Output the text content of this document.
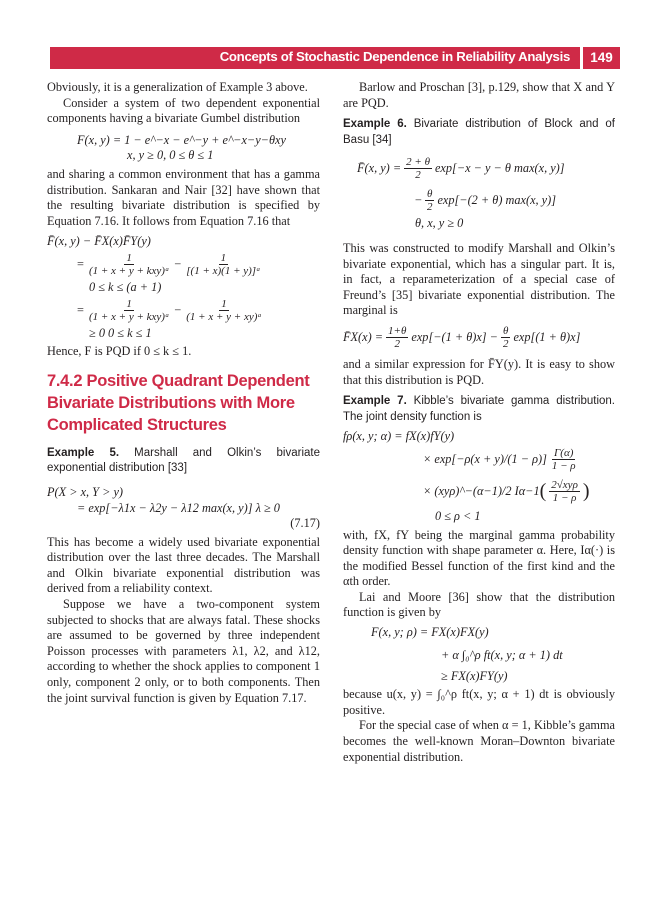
Concepts of Stochastic Dependence in Reliability Analysis	149

Obviously, it is a generalization of Example 3 above.

Consider a system of two dependent exponential components having a bivariate Gumbel distribution

F(x, y) = 1 − e^−x − e^−y + e^−x−y−θxy
x, y ≥ 0, 0 ≤ θ ≤ 1

and sharing a common environment that has a gamma distribution. Sankaran and Nair [32] have shown that the resulting bivariate distribution is specified by Equation 7.16. It follows from Equation 7.16 that

F̄(x, y) − F̄X(x)F̄Y(y)
= $\frac{1}{\text{(1 + x + y + kxy)ᵃ}} - \frac{1}{\text{[(1 + x)(1 + y)]ᵃ}}$
0 ≤ k ≤ (a + 1)
= $\frac{1}{\text{(1 + x + y + kxy)ᵃ}} - \frac{1}{\text{(1 + x + y + xy)ᵃ}}$
≥ 0 0 ≤ k ≤ 1

Hence, F is PQD if 0 ≤ k ≤ 1.

7.4.2 Positive Quadrant Dependent Bivariate Distributions with More Complicated Structures

Example 5. Marshall and Olkin’s bivariate exponential distribution [33]

P(X > x, Y > y)
= exp[−λ1x − λ2y − λ12 max(x, y)] λ ≥ 0
(7.17)

This has become a widely used bivariate exponential distribution over the last three decades. The Marshall and Olkin bivariate exponential distribution was derived from a reliability context.

Suppose we have a two-component system subjected to shocks that are always fatal. These shocks are assumed to be governed by three independent Poisson processes with parameters λ1, λ2, and λ12, according to whether the shock applies to component 1 only, component 2 only, or to both components. Then the joint survival function is given by Equation 7.17.

Barlow and Proschan [3], p.129, show that X and Y are PQD.

Example 6. Bivariate distribution of Block and of Basu [34]

F̄(x, $y) = \frac{2 + \theta}{2} \exp[-x - y - \theta$ max(x, y)]
− $\frac{\theta}{2} \exp[-(2 + \theta)$ max(x, y)]
θ, x, y ≥ 0

This was constructed to modify Marshall and Olkin’s bivariate exponential, which has a singular part. It is, in fact, a reparameterization of a special case of Freund’s [35] bivariate exponential distribution. The marginal is

F̄X(x) = $\frac{1+\theta}{2} \exp[-(1 + \theta)x] - \frac{\theta}{2} \exp[(1 + \theta)x]$

and a similar expression for F̄Y(y). It is easy to show that this distribution is PQD.

Example 7. Kibble’s bivariate gamma distribution. The joint density function is

fρ(x, y; α) = fX(x)fY(y)
× $\exp[-\rho(x + y)/(1 - \rho)] \frac{\Gamma(\alpha)}{1 - \rho}$
× (xyρ)^−(α−1)/2 Iα−1 ( $\frac{\text{2√xyρ}}{1 - \rho}$ )
0 ≤ ρ < 1

with, fX, fY being the marginal gamma probability density function with shape parameter α. Here, Iα(·) is the modified Bessel function of the first kind and the αth order.

Lai and Moore [36] show that the distribution function is given by

F(x, y; ρ) = FX(x)FX(y)
+ α ∫₀^ρ ft(x, y; α + 1) dt
≥ FX(x)FY(y)

because u(x, y) = ∫₀^ρ ft(x, y; α + 1) dt is obviously positive.

For the special case of when α = 1, Kibble’s gamma becomes the well-known Moran–Downton bivariate exponential distribution.
